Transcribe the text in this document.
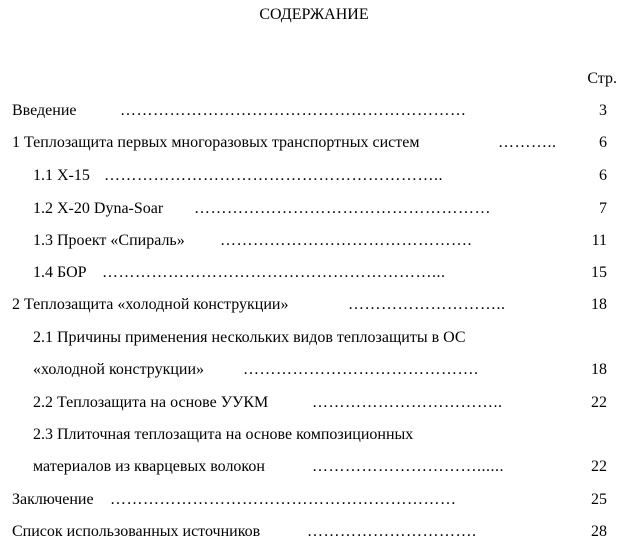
СОДЕРЖАНИЕ
Стр.
Введение	………………………………………………………	3
1 Теплозащита первых многоразовых транспортных систем	………..	6
1.1 X-15 ……………………………………………………..	6
1.2 X-20 Dyna-Soar ………………………………………………	7
1.3 Проект «Спираль» ……………………………………….	11
1.4 БОР ……………………………………………………...	15
2 Теплозащита «холодной конструкции»	………………………..	18
2.1 Причины применения нескольких видов теплозащиты в ОС
«холодной конструкции» …………………………………….	18
2.2 Теплозащита на основе УУКМ	……………………………..	22
2.3 Плиточная теплозащита на основе композиционных
материалов из кварцевых волокон	…………………………......	22
Заключение ………………………………………………………	25
Список использованных источников	………………………….	28
